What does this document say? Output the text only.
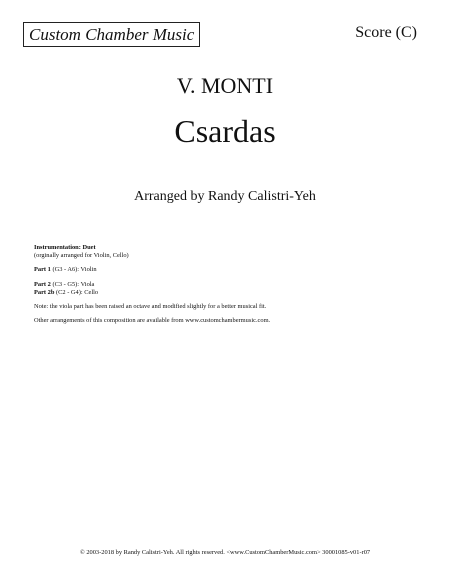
Custom Chamber Music	Score (C)
V. MONTI
Csardas
Arranged by Randy Calistri-Yeh

Instrumentation: Duet

(orginally arranged for Violin, Cello)

Part 1 (G3 - A6): Violin

Part 2 (C3 - G5): Viola

Part 2b (C2 - G4): Cello

Note: the viola part has been raised an octave and modified slightly for a better musical fit.

Other arrangements of this composition are available from www.customchambermusic.com.

© 2003-2018 by Randy Calistri-Yeh. All rights reserved. <www.CustomChamberMusic.com> 30001085-v01-r07
